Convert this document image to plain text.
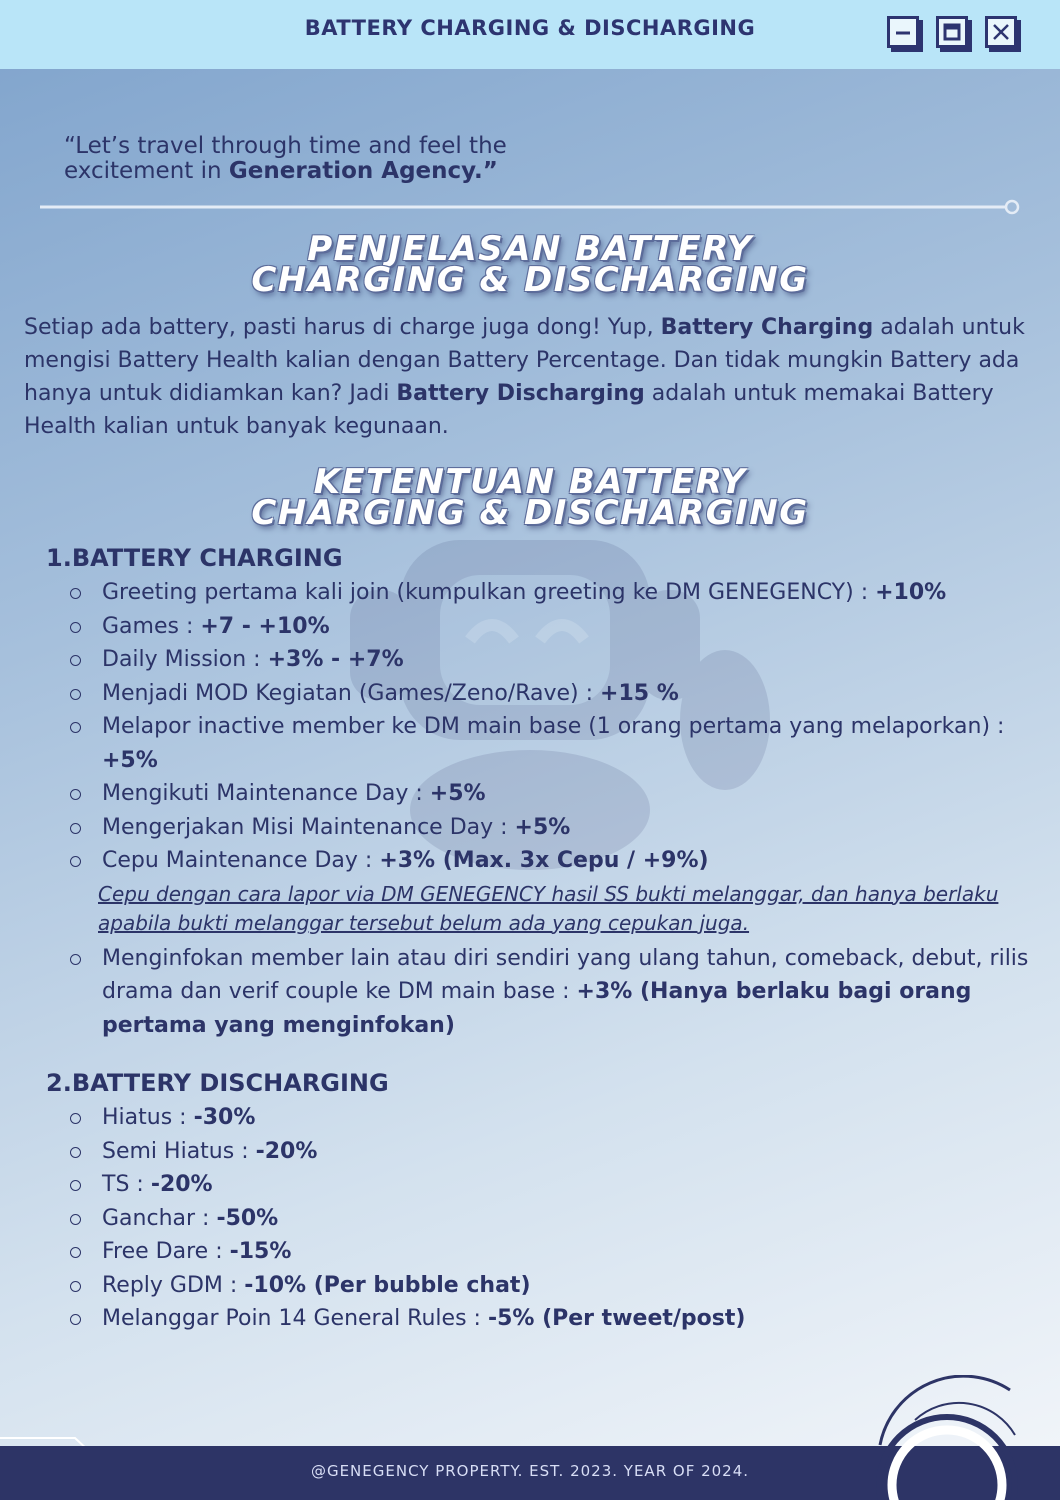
BATTERY CHARGING & DISCHARGING
“Let’s travel through time and feel the
excitement in Generation Agency.”
PENJELASAN BATTERY
CHARGING & DISCHARGING
Setiap ada battery, pasti harus di charge juga dong! Yup, Battery Charging adalah untuk mengisi Battery Health kalian dengan Battery Percentage. Dan tidak mungkin Battery ada hanya untuk didiamkan kan? Jadi Battery Discharging adalah untuk memakai Battery Health kalian untuk banyak kegunaan.
KETENTUAN BATTERY
CHARGING & DISCHARGING
1.BATTERY CHARGING
Greeting pertama kali join (kumpulkan greeting ke DM GENEGENCY) : +10%
Games : +7 - +10%
Daily Mission : +3% - +7%
Menjadi MOD Kegiatan (Games/Zeno/Rave) : +15 %
Melapor inactive member ke DM main base (1 orang pertama yang melaporkan) : +5%
Mengikuti Maintenance Day : +5%
Mengerjakan Misi Maintenance Day : +5%
Cepu Maintenance Day : +3% (Max. 3x Cepu / +9%)
Cepu dengan cara lapor via DM GENEGENCY hasil SS bukti melanggar, dan hanya berlaku apabila bukti melanggar tersebut belum ada yang cepukan juga.
Menginfokan member lain atau diri sendiri yang ulang tahun, comeback, debut, rilis drama dan verif couple ke DM main base : +3% (Hanya berlaku bagi orang pertama yang menginfokan)
2.BATTERY DISCHARGING
Hiatus : -30%
Semi Hiatus : -20%
TS : -20%
Ganchar : -50%
Free Dare : -15%
Reply GDM : -10% (Per bubble chat)
Melanggar Poin 14 General Rules : -5% (Per tweet/post)
@GENEGENCY PROPERTY. EST. 2023. YEAR OF 2024.
